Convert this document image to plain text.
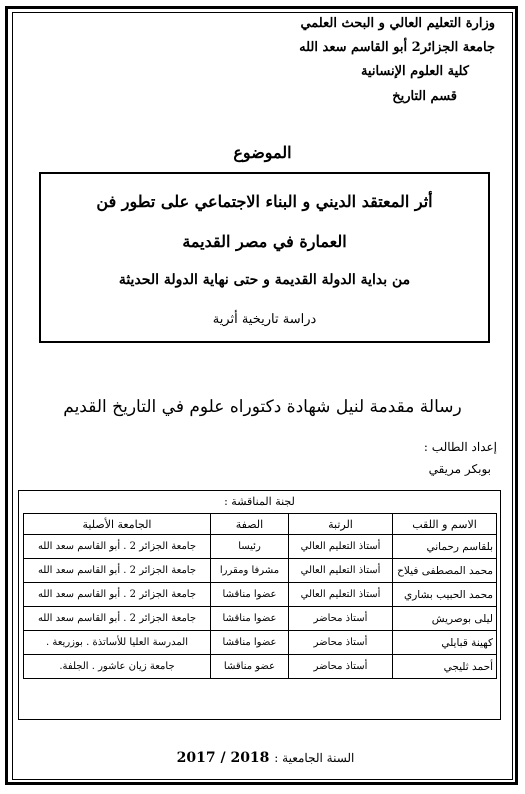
وزارة التعليم العالي و البحث العلمي
جامعة الجزائر2 أبو القاسم سعد الله
كلية العلوم الإنسانية
قسم التاريخ
الموضوع
أثر المعتقد الديني و البناء الاجتماعي على تطور فن
العمارة في مصر القديمة
من بداية الدولة القديمة و حتى نهاية الدولة الحديثة
دراسة تاريخية أثرية
رسالة مقدمة لنيل شهادة دكتوراه علوم في التاريخ القديم
إعداد الطالب :
بوبكر مريقي
لجنة المناقشة :
الاسم و اللقب	الرتبة	الصفة	الجامعة الأصلية
بلقاسم رحماني	أستاذ التعليم العالي	رئيسا	جامعة الجزائر 2 . أبو القاسم سعد الله
محمد المصطفى فيلاح	أستاذ التعليم العالي	مشرفا ومقررا	جامعة الجزائر 2 . أبو القاسم سعد الله
محمد الحبيب بشاري	أستاذ التعليم العالي	عضوا مناقشا	جامعة الجزائر 2 . أبو القاسم سعد الله
ليلى بوصريش	أستاذ محاضر	عضوا مناقشا	جامعة الجزائر 2 . أبو القاسم سعد الله
كهينة قبايلي	أستاذ محاضر	عضوا مناقشا	المدرسة العليا للأساتذة . بوزريعة .
أحمد ثليجي	أستاذ محاضر	عضو مناقشا	جامعة زيان عاشور . الجلفة.
السنة الجامعية : 2018 / 2017
